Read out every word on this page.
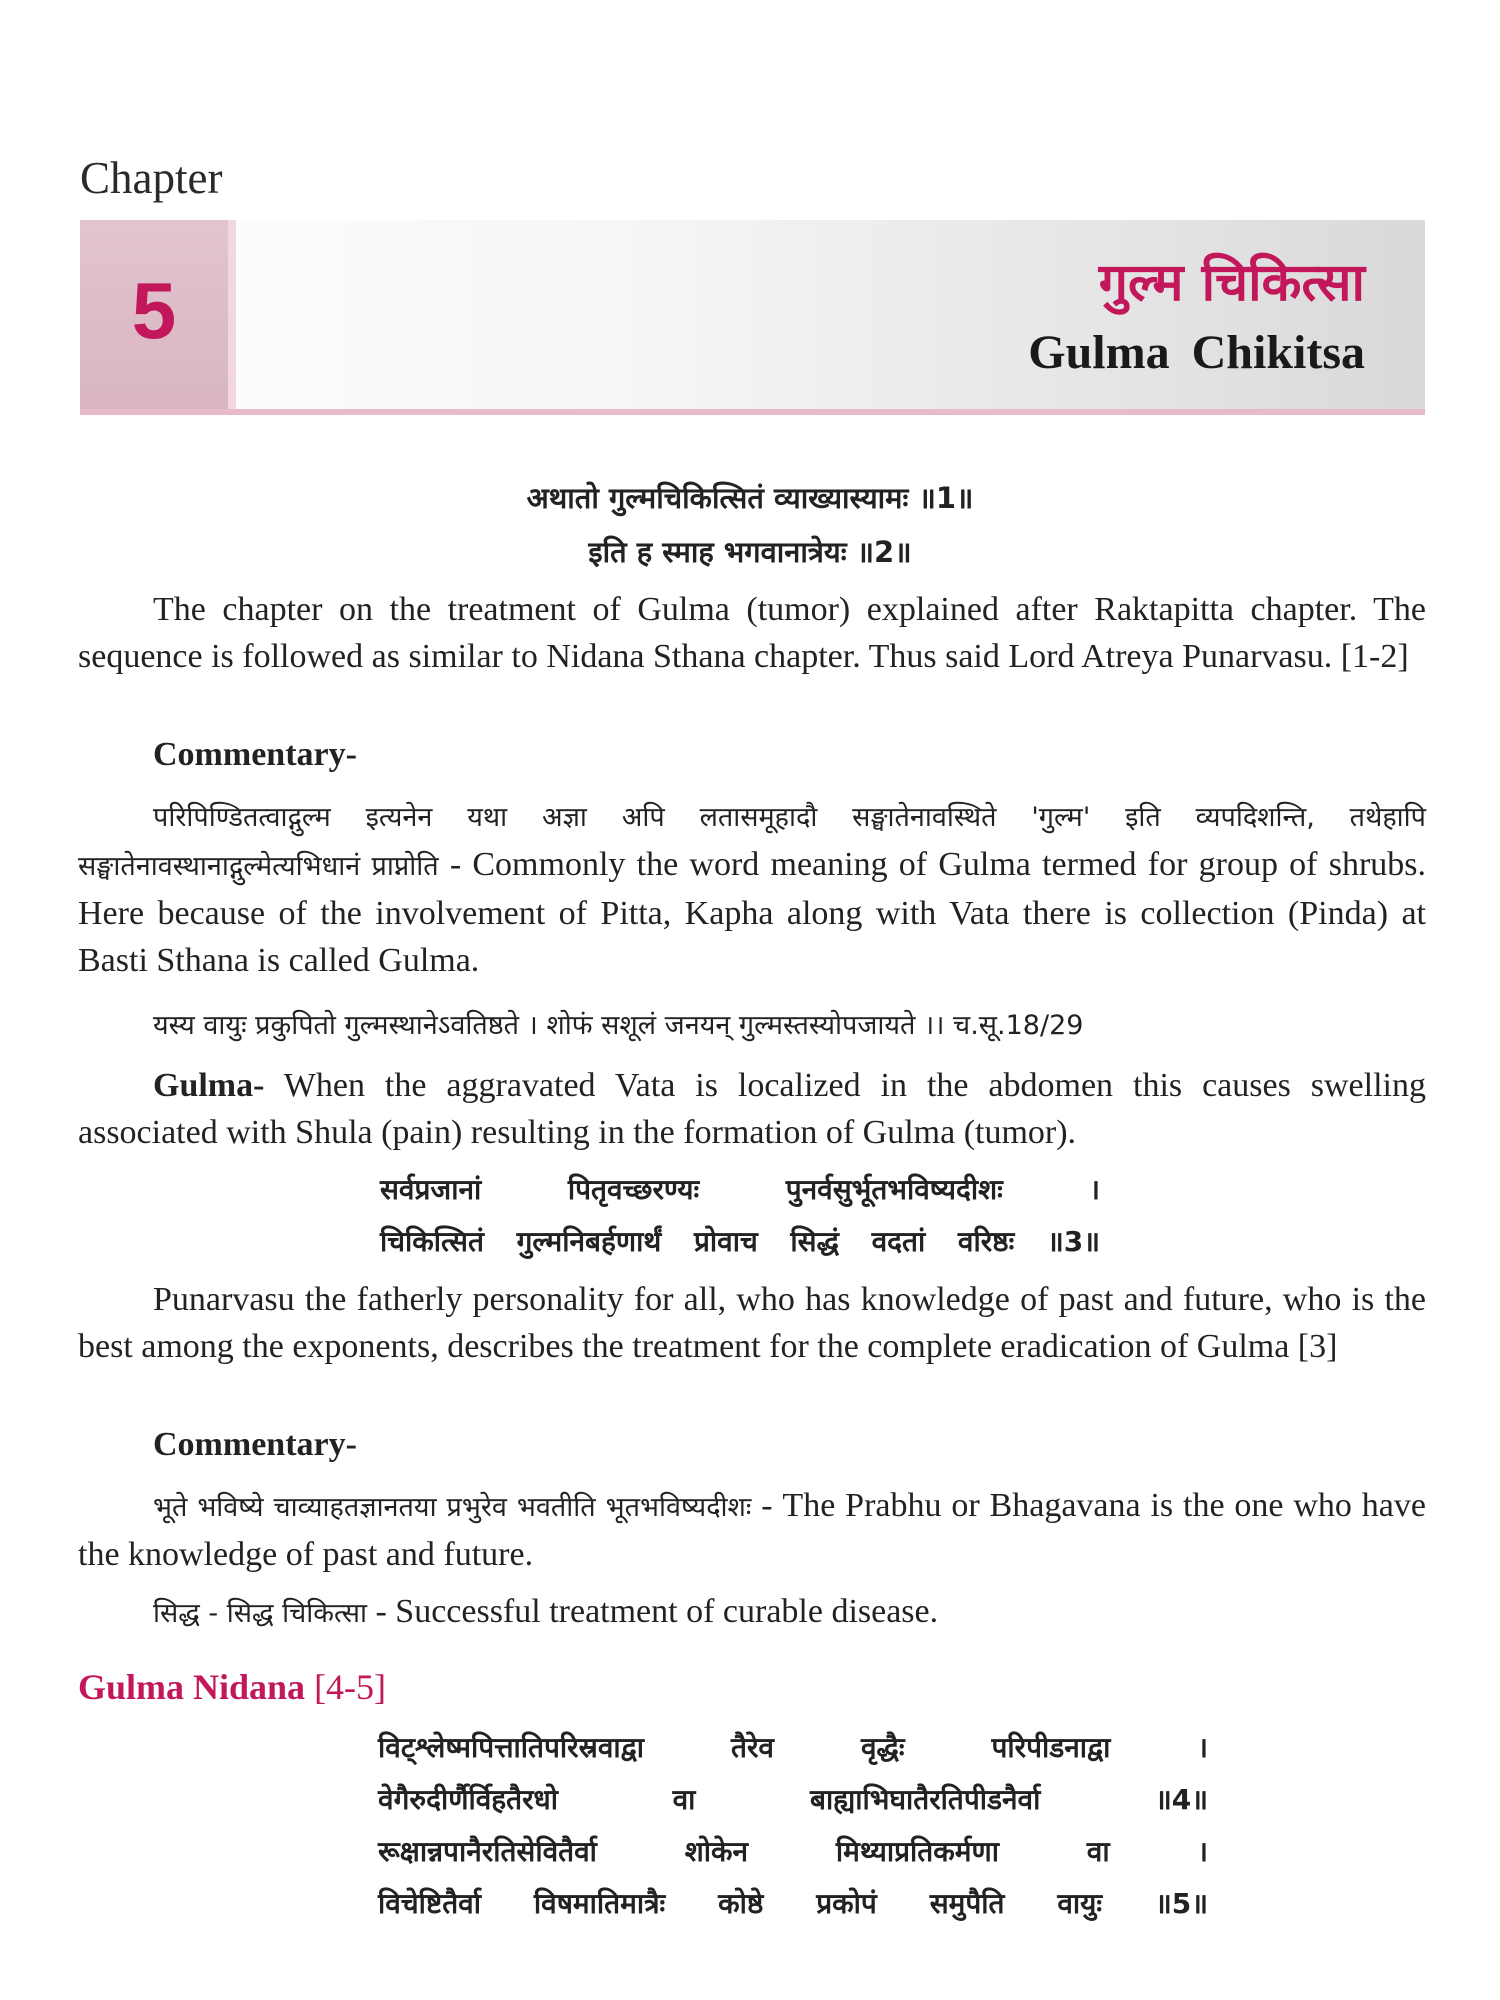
Chapter
5	गुल्म चिकित्सा
Gulma Chikitsa
अथातो गुल्मचिकित्सितं व्याख्यास्यामः ॥1॥
इति ह स्माह भगवानात्रेयः ॥2॥
The chapter on the treatment of Gulma (tumor) explained after Raktapitta chapter. The sequence is followed as similar to Nidana Sthana chapter. Thus said Lord Atreya Punarvasu. [1-2]
Commentary-
परिपिण्डितत्वाद्गुल्म इत्यनेन यथा अज्ञा अपि लतासमूहादौ सङ्घातेनावस्थिते 'गुल्म' इति व्यपदिशन्ति, तथेहापि सङ्घातेनावस्थानाद्गुल्मेत्यभिधानं प्राप्नोति - Commonly the word meaning of Gulma termed for group of shrubs. Here because of the involvement of Pitta, Kapha along with Vata there is collection (Pinda) at Basti Sthana is called Gulma.
यस्य वायुः प्रकुपितो गुल्मस्थानेऽवतिष्ठते । शोफं सशूलं जनयन् गुल्मस्तस्योपजायते ।। च.सू.18/29
Gulma- When the aggravated Vata is localized in the abdomen this causes swelling associated with Shula (pain) resulting in the formation of Gulma (tumor).
सर्वप्रजानां पितृवच्छरण्यः पुनर्वसुर्भूतभविष्यदीशः ।
चिकित्सितं गुल्मनिबर्हणार्थं प्रोवाच सिद्धं वदतां वरिष्ठः ॥3॥
Punarvasu the fatherly personality for all, who has knowledge of past and future, who is the best among the exponents, describes the treatment for the complete eradication of Gulma [3]
Commentary-
भूते भविष्ये चाव्याहतज्ञानतया प्रभुरेव भवतीति भूतभविष्यदीशः - The Prabhu or Bhagavana is the one who have the knowledge of past and future.
सिद्ध - सिद्ध चिकित्सा - Successful treatment of curable disease.
Gulma Nidana [4-5]
विट्श्लेष्मपित्तातिपरिस्रवाद्वा तैरेव वृद्धैः परिपीडनाद्वा ।
वेगैरुदीर्णैर्विहतैरधो वा बाह्याभिघातैरतिपीडनैर्वा ॥4॥
रूक्षान्नपानैरतिसेवितैर्वा शोकेन मिथ्याप्रतिकर्मणा वा ।
विचेष्टितैर्वा विषमातिमात्रैः कोष्ठे प्रकोपं समुपैति वायुः ॥5॥
